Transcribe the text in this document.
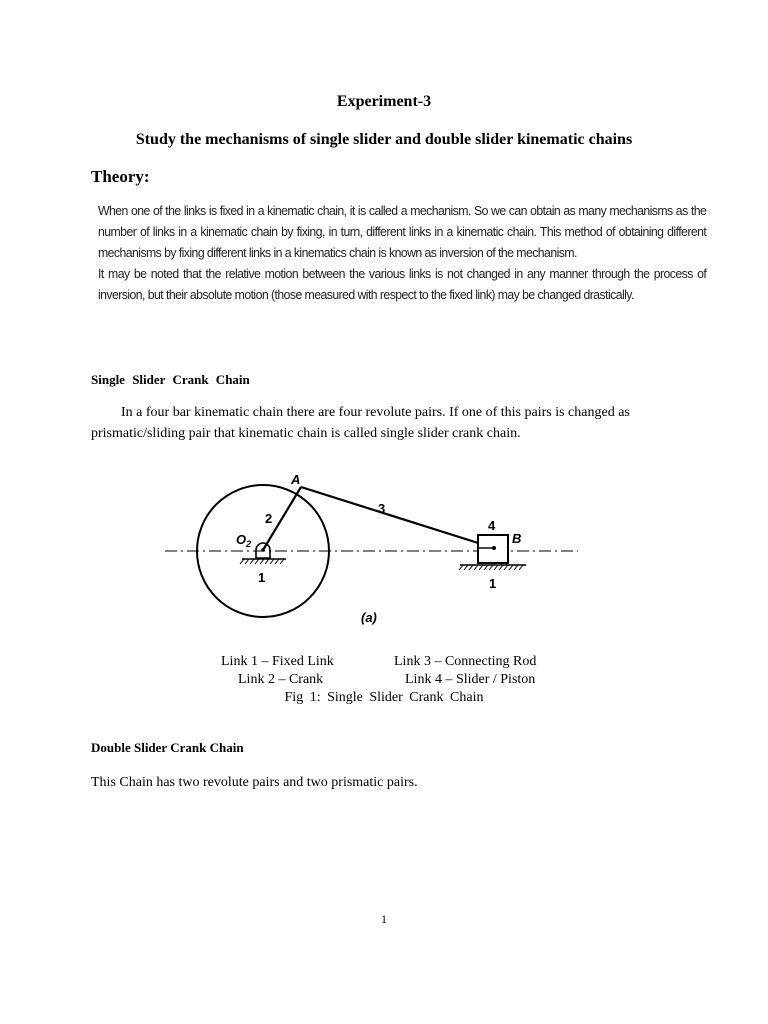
Experiment-3
Study the mechanisms of single slider and double slider kinematic chains
Theory:

When one of the links is fixed in a kinematic chain, it is called a mechanism. So we can obtain as many mechanisms as the number of links in a kinematic chain by fixing, in turn, different links in a kinematic chain. This method of obtaining different mechanisms by fixing different links in a kinematics chain is known as inversion of the mechanism.

It may be noted that the relative motion between the various links is not changed in any manner through the process of inversion, but their absolute motion (those measured with respect to the fixed link) may be changed drastically.

Single Slider Crank Chain
In a four bar kinematic chain there are four revolute pairs. If one of this pairs is changed as prismatic/sliding pair that kinematic chain is called single slider crank chain.
A
2
3
4
B
$O_2$
1	1
(a)
Link 1 – Fixed Link	Link 3 – Connecting Rod
Link 2 – Crank	Link 4 – Slider / Piston
Fig 1: Single Slider Crank Chain
Double Slider Crank Chain
This Chain has two revolute pairs and two prismatic pairs.
1
